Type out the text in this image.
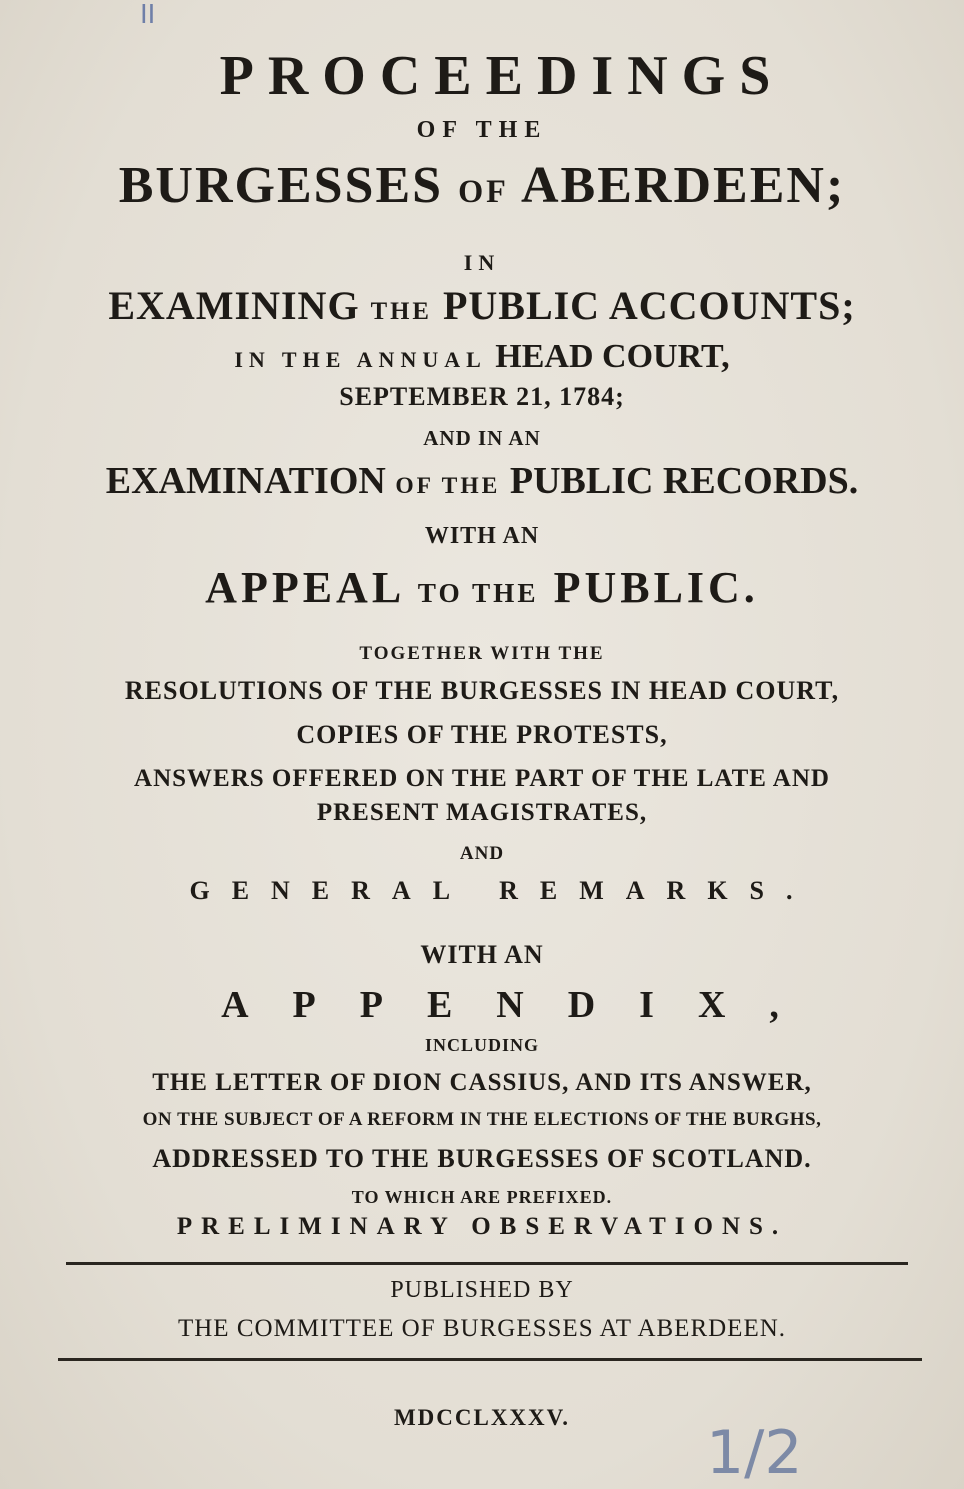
II
PROCEEDINGS
OF THE
BURGESSES OF ABERDEEN;
IN
EXAMINING THE PUBLIC ACCOUNTS;
IN THE ANNUAL HEAD COURT,
SEPTEMBER 21, 1784;
AND IN AN
EXAMINATION OF THE PUBLIC RECORDS.
WITH AN
APPEAL TO THE PUBLIC.
TOGETHER WITH THE
RESOLUTIONS OF THE BURGESSES IN HEAD COURT,
COPIES OF THE PROTESTS,
ANSWERS OFFERED ON THE PART OF THE LATE AND
PRESENT MAGISTRATES,
AND
GENERAL REMARKS.
WITH AN
APPENDIX,
INCLUDING
THE LETTER OF DION CASSIUS, AND ITS ANSWER,
ON THE SUBJECT OF A REFORM IN THE ELECTIONS OF THE BURGHS,
ADDRESSED TO THE BURGESSES OF SCOTLAND.
TO WHICH ARE PREFIXED.
PRELIMINARY OBSERVATIONS.
PUBLISHED BY
THE COMMITTEE OF BURGESSES AT ABERDEEN.
MDCCLXXXV.
1/2
